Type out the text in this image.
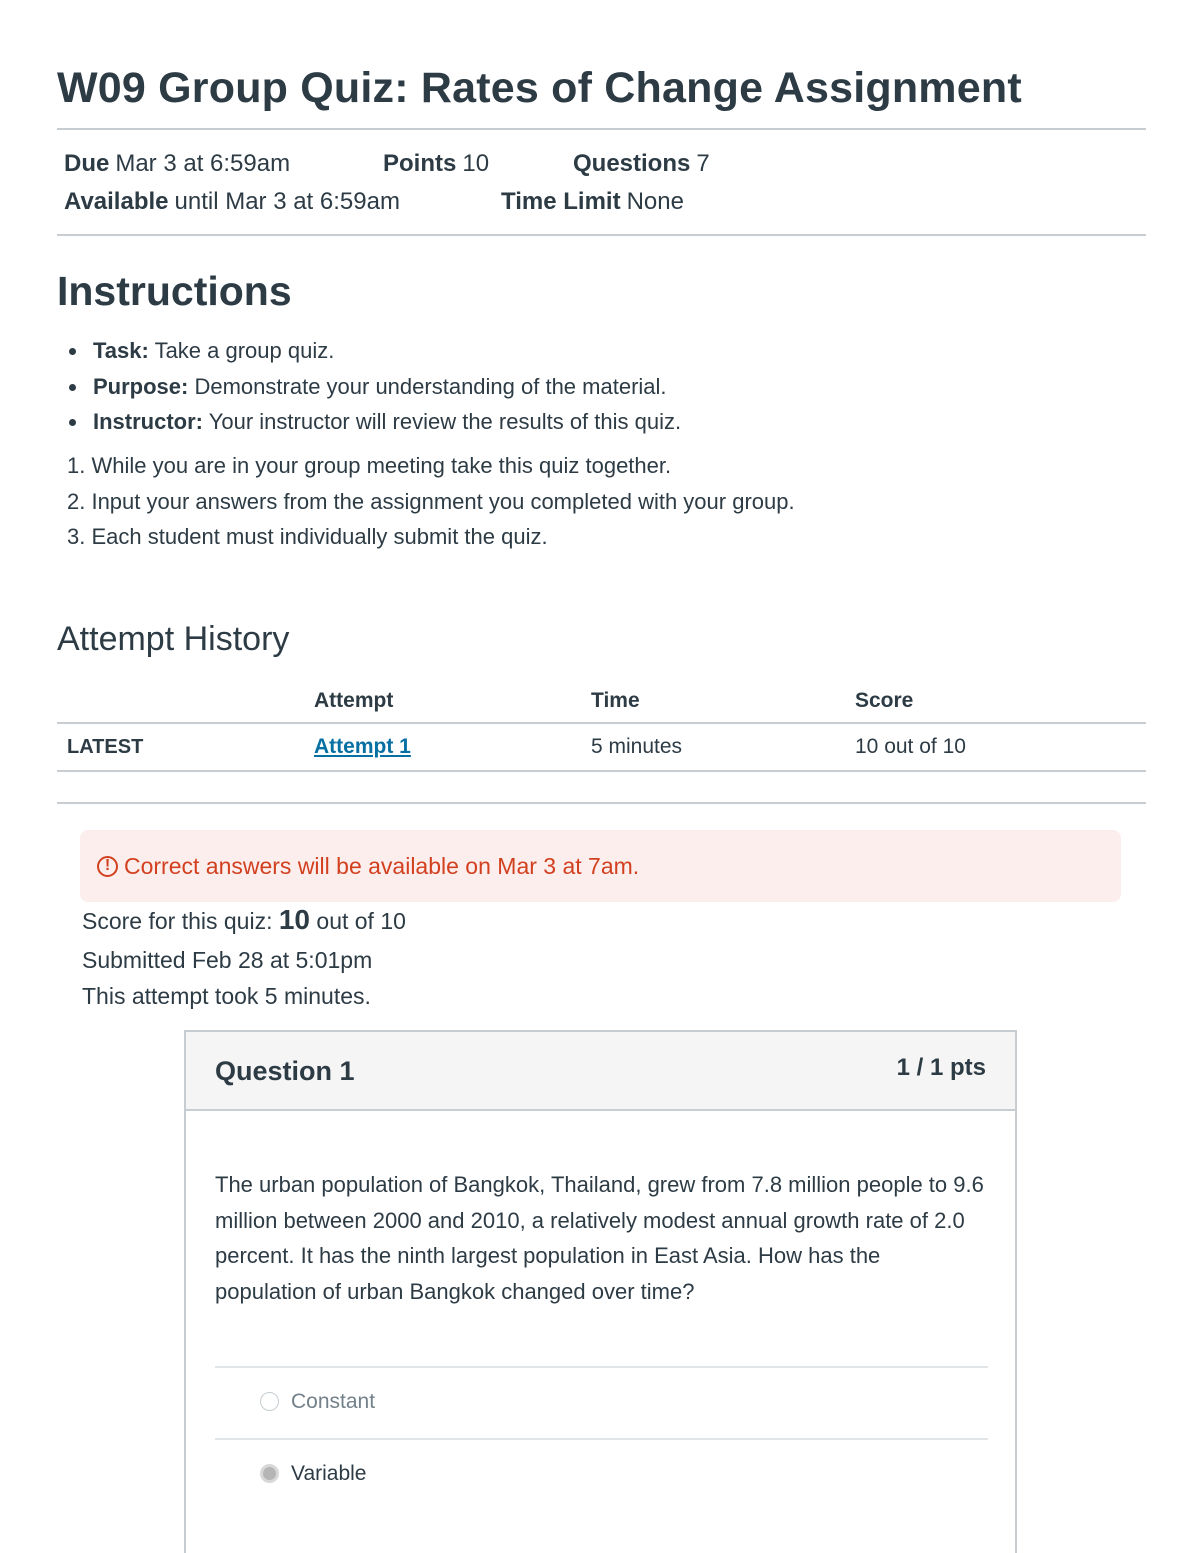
W09 Group Quiz: Rates of Change Assignment
Due Mar 3 at 6:59am	Points 10	Questions 7
Available until Mar 3 at 6:59am	Time Limit None
Instructions
Task: Take a group quiz.
Purpose: Demonstrate your understanding of the material.
Instructor: Your instructor will review the results of this quiz.
1. While you are in your group meeting take this quiz together.
2. Input your answers from the assignment you completed with your group.
3. Each student must individually submit the quiz.
Attempt History
	Attempt	Time	Score
LATEST	Attempt 1	5 minutes	10 out of 10
! Correct answers will be available on Mar 3 at 7am.
Score for this quiz: 10 out of 10
Submitted Feb 28 at 5:01pm
This attempt took 5 minutes.
Question 1	1 / 1 pts
The urban population of Bangkok, Thailand, grew from 7.8 million people to 9.6 million between 2000 and 2010, a relatively modest annual growth rate of 2.0 percent. It has the ninth largest population in East Asia. How has the population of urban Bangkok changed over time?
Constant
Variable
